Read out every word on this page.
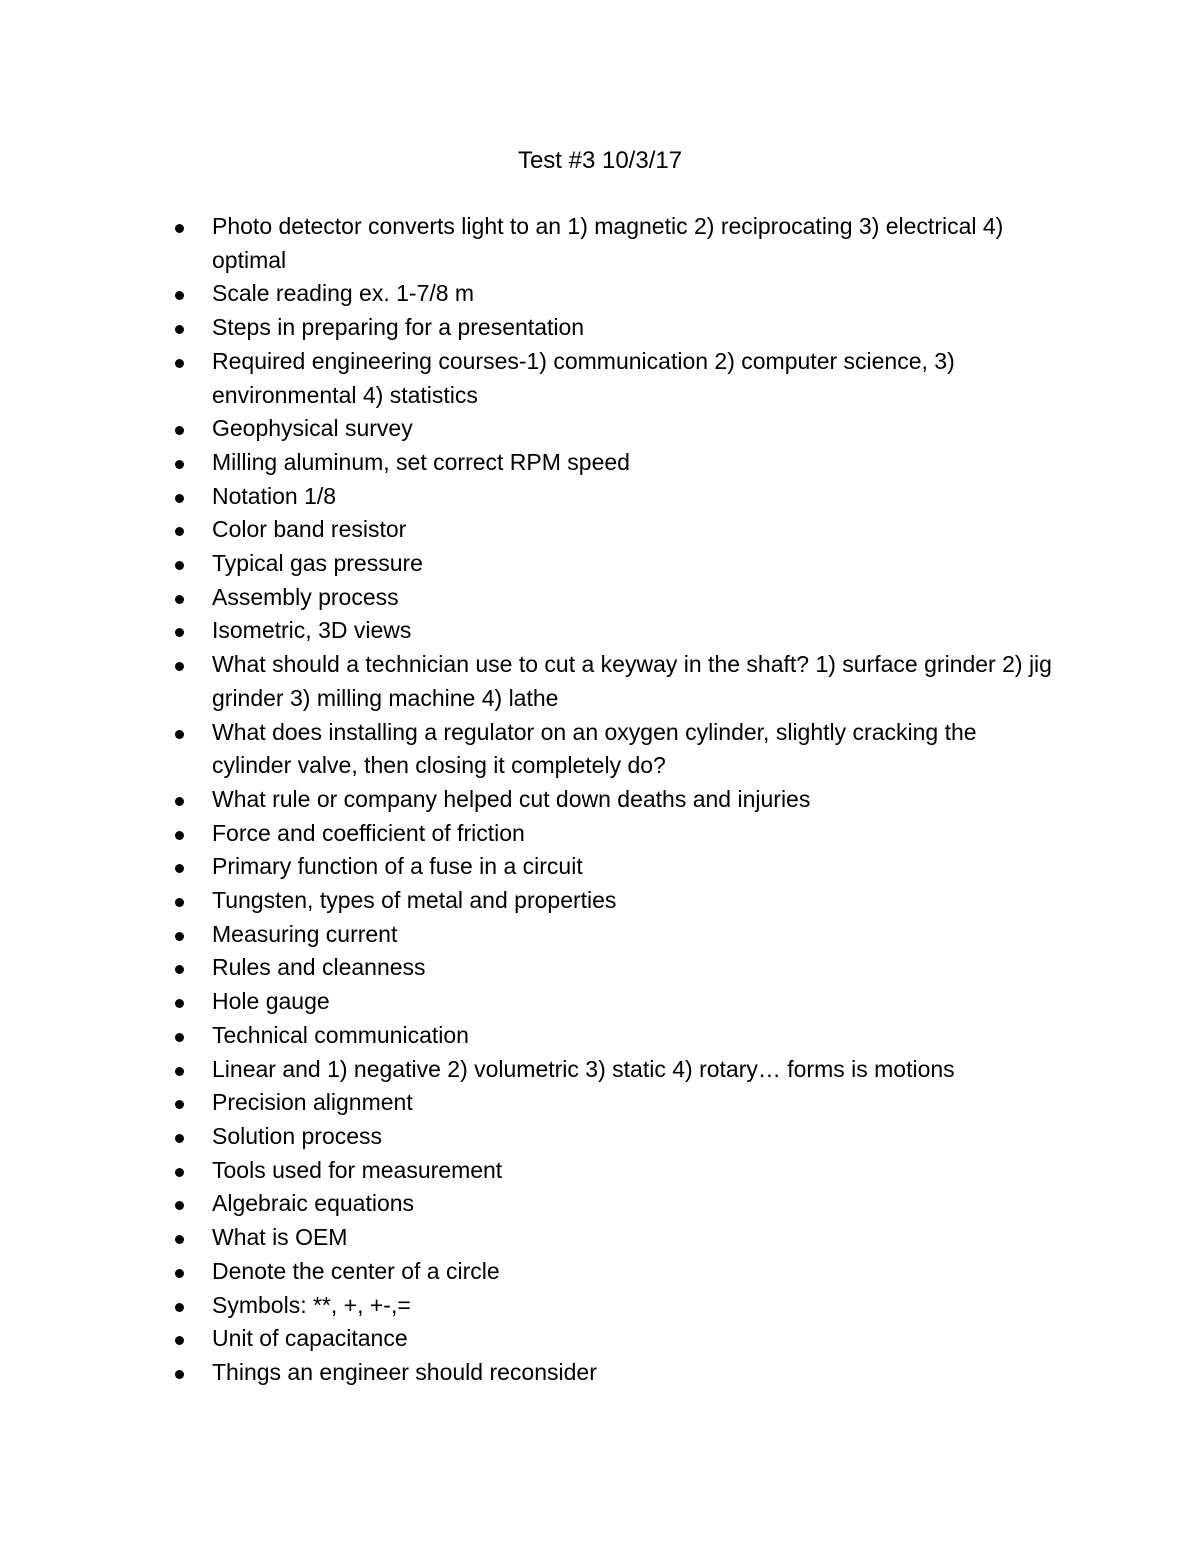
Test #3 10/3/17
Photo detector converts light to an 1) magnetic 2) reciprocating 3) electrical 4) optimal
Scale reading ex. 1-7/8 m
Steps in preparing for a presentation
Required engineering courses-1) communication 2) computer science, 3) environmental 4) statistics
Geophysical survey
Milling aluminum, set correct RPM speed
Notation 1/8
Color band resistor
Typical gas pressure
Assembly process
Isometric, 3D views
What should a technician use to cut a keyway in the shaft? 1) surface grinder 2) jig grinder 3) milling machine 4) lathe
What does installing a regulator on an oxygen cylinder, slightly cracking the cylinder valve, then closing it completely do?
What rule or company helped cut down deaths and injuries
Force and coefficient of friction
Primary function of a fuse in a circuit
Tungsten, types of metal and properties
Measuring current
Rules and cleanness
Hole gauge
Technical communication
Linear and 1) negative 2) volumetric 3) static 4) rotary… forms is motions
Precision alignment
Solution process
Tools used for measurement
Algebraic equations
What is OEM
Denote the center of a circle
Symbols: **, +, +-,=
Unit of capacitance
Things an engineer should reconsider
